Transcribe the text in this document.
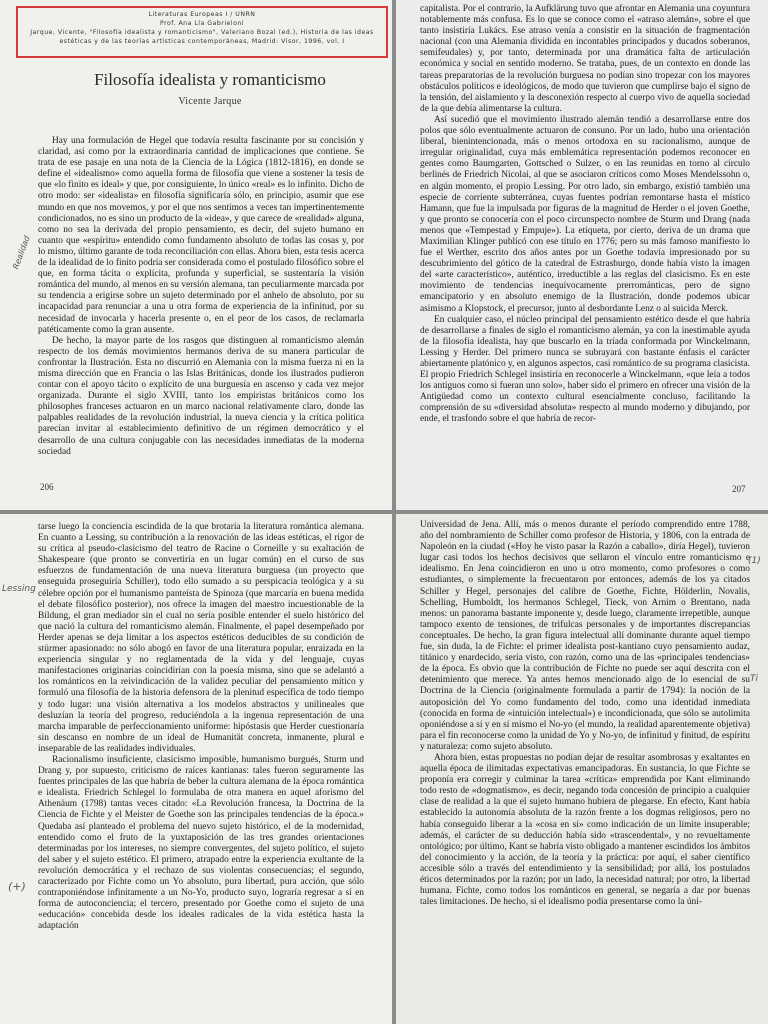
Literaturas Europeas I / UNRN
Prof. Ana Lía Gabrieloni
Jarque, Vicente, "Filosofía idealista y romanticismo", Valeriano Bozal (ed.), Historia de las ideas
estéticas y de las teorías artísticas contemporáneas, Madrid: Visor, 1996, vol. I
Filosofía idealista y romanticismo
Vicente Jarque

Hay una formulación de Hegel que todavía resulta fascinante por su concisión y claridad, así como por la extraordinaria cantidad de implicaciones que contiene. Se trata de ese pasaje en una nota de la Ciencia de la Lógica (1812-1816), en donde se define el «idealismo» como aquella forma de filosofía que viene a sostener la tesis de que «lo finito es ideal» y que, por consiguiente, lo único «real» es lo infinito. Dicho de otro modo: ser «idealista» en filosofía significaría sólo, en principio, asumir que ese mundo en que nos movemos, y por el que nos sentimos a veces tan impertinentemente condicionados, no es sino un producto de la «idea», y que carece de «realidad» alguna, como no sea la derivada del propio pensamiento, es decir, del sujeto humano en cuanto que «espíritu» entendido como fundamento absoluto de todas las cosas y, por lo mismo, último garante de toda reconciliación con ellas. Ahora bien, esta tesis acerca de la idealidad de lo finito podría ser considerada como el postulado filosófico sobre el que, en forma tácita o explícita, profunda y superficial, se sustentaría la visión romántica del mundo, al menos en su versión alemana, tan peculiarmente marcada por su tendencia a erigirse sobre un sujeto determinado por el anhelo de absoluto, por su incapacidad para renunciar a una u otra forma de experiencia de la infinitud, por su necesidad de invocarla y hacerla presente o, en el peor de los casos, de reclamarla patéticamente como la gran ausente.

De hecho, la mayor parte de los rasgos que distinguen al romanticismo alemán respecto de los demás movimientos hermanos deriva de su manera particular de confrontar la Ilustración. Esta no discurrió en Alemania con la misma fuerza ni en la misma dirección que en Francia o las Islas Británicas, donde los ilustrados pudieron contar con el apoyo tácito o explícito de una burguesía en ascenso y cada vez mejor organizada. Durante el siglo XVIII, tanto los empiristas británicos como los philosophes franceses actuaron en un marco nacional relativamente claro, donde las palpables realidades de la revolución industrial, la nueva ciencia y la crítica política parecían invitar al establecimiento definitivo de un régimen democrático y el desarrollo de una cultura conjugable con las necesidades inmediatas de la moderna sociedad

Realidad
206

capitalista. Por el contrario, la Aufklärung tuvo que afrontar en Alemania una coyuntura notablemente más confusa. Es lo que se conoce como el «atraso alemán», sobre el que tanto insistiría Lukács. Ese atraso venía a consistir en la situación de fragmentación nacional (con una Alemania dividida en incontables principados y ducados soberanos, semifeudales) y, por tanto, determinada por una dramática falta de articulación económica y social en sentido moderno. Se trataba, pues, de un contexto en donde las tareas preparatorias de la revolución burguesa no podían sino tropezar con los mayores obstáculos políticos e ideológicos, de modo que tuvieron que cumplirse bajo el signo de la tensión, del aislamiento y la desconexión respecto al cuerpo vivo de aquella sociedad de la que debía alimentarse la cultura.

Así sucedió que el movimiento ilustrado alemán tendió a desarrollarse entre dos polos que sólo eventualmente actuaron de consuno. Por un lado, hubo una orientación liberal, bienintencionada, más o menos ortodoxa en su racionalismo, aunque de irregular originalidad, cuya más emblemática representación podemos reconocer en gentes como Baumgarten, Gottsched o Sulzer, o en las reunidas en torno al círculo berlinés de Friedrich Nicolai, al que se asociaron críticos como Moses Mendelssohn o, en algún momento, el propio Lessing. Por otro lado, sin embargo, existió también una especie de corriente subterránea, cuyas fuentes podrían remontarse hasta el místico Hamann, que fue la impulsada por figuras de la magnitud de Herder o el joven Goethe, y que pronto se conocería con el poco circunspecto nombre de Sturm und Drang (nada menos que «Tempestad y Empuje»). La etiqueta, por cierto, deriva de un drama que Maximilian Klinger publicó con ese título en 1776; pero su más famoso manifiesto lo fue el Werther, escrito dos años antes por un Goethe todavía impresionado por su descubrimiento del gótico de la catedral de Estrasburgo, donde había visto la imagen del «arte característico», auténtico, irreductible a las reglas del clasicismo. Es en este movimiento de tendencias inequívocamente prerrománticas, pero de signo emancipatorio y en absoluto enemigo de la Ilustración, donde podemos ubicar asimismo a Klopstock, el precursor, junto al desbordante Lenz o al suicida Merck.

En cualquier caso, el núcleo principal del pensamiento estético desde el que habría de desarrollarse a finales de siglo el romanticismo alemán, ya con la inestimable ayuda de la filosofía idealista, hay que buscarlo en la tríada conformada por Winckelmann, Lessing y Herder. Del primero nunca se subrayará con bastante énfasis el carácter abiertamente platónico y, en algunos aspectos, casi romántico de su programa clasicista. El propio Friedrich Schlegel insistiría en reconocerle a Winckelmann, «que leía a todos los antiguos como si fueran uno solo», haber sido el primero en ofrecer una visión de la Antigüedad como un contexto cultural esencialmente concluso, facilitando la comprensión de su «diversidad absoluta» respecto al mundo moderno y dibujando, por ende, el trasfondo sobre el que habría de recor-

207

tarse luego la conciencia escindida de la que brotaría la literatura romántica alemana. En cuanto a Lessing, su contribución a la renovación de las ideas estéticas, el rigor de su crítica al pseudo-clasicismo del teatro de Racine o Corneille y su exaltación de Shakespeare (que pronto se convertiría en un lugar común) en el curso de sus esfuerzos de fundamentación de una nueva literatura burguesa (un proyecto que enseguida proseguiría Schiller), todo ello sumado a su perspicacia teológica y a su célebre opción por el humanismo panteísta de Spinoza (que marcaría en buena medida el debate filosófico posterior), nos ofrece la imagen del maestro incuestionable de la Bildung, el gran mediador sin el cual no sería posible entender el suelo histórico del que nació la cultura del romanticismo alemán. Finalmente, el papel desempeñado por Herder apenas se deja limitar a los aspectos estéticos deducibles de su condición de stürmer apasionado: no sólo abogó en favor de una literatura popular, enraizada en la experiencia singular y no reglamentada de la vida y del lenguaje, cuyas manifestaciones originarias coincidirían con la poesía misma, sino que se adelantó a los románticos en la reivindicación de la validez peculiar del pensamiento mítico y formuló una filosofía de la historia defensora de la plenitud específica de todo tiempo y todo lugar: una visión alternativa a los modelos abstractos y unilineales que desluzían la teoría del progreso, reduciéndola a la ingenua representación de una marcha imparable de perfeccionamiento uniforme: hipóstasis que Herder cuestionaría sin descanso en nombre de un ideal de Humanität concreta, inmanente, plural e inseparable de las realidades individuales.

Racionalismo insuficiente, clasicismo imposible, humanismo burgués, Sturm und Drang y, por supuesto, criticismo de raíces kantianas: tales fueron seguramente las fuentes principales de las que habría de beber la cultura alemana de la época romántica e idealista. Friedrich Schlegel lo formulaba de otra manera en aquel aforismo del Athenäum (1798) tantas veces citado: «La Revolución francesa, la Doctrina de la Ciencia de Fichte y el Meister de Goethe son las principales tendencias de la época.» Quedaba así planteado el problema del nuevo sujeto histórico, el de la modernidad, entendido como el fruto de la yuxtaposición de las tres grandes orientaciones determinadas por los intereses, no siempre convergentes, del sujeto político, el sujeto del saber y el sujeto estético. El primero, atrapado entre la experiencia exultante de la revolución democrática y el rechazo de sus violentas consecuencias; el segundo, caracterizado por Fichte como un Yo absoluto, pura libertad, pura acción, que sólo contraponiéndose infinitamente a un No-Yo, producto suyo, lograría regresar a sí en forma de autoconciencia; el tercero, presentado por Goethe como el sujeto de una «educación» concebida desde los ideales radicales de la vida estética hasta la adaptación

Lessing
(+)

Universidad de Jena. Allí, más o menos durante el período comprendido entre 1788, año del nombramiento de Schiller como profesor de Historia, y 1806, con la entrada de Napoleón en la ciudad («Hoy he visto pasar la Razón a caballo», diría Hegel), tuvieron lugar casi todos los hechos decisivos que sellaron el vínculo entre romanticismo e idealismo. En Jena coincidieron en uno u otro momento, como profesores o como estudiantes, o simplemente la frecuentaron por entonces, además de los ya citados Schiller y Hegel, personajes del calibre de Goethe, Fichte, Hölderlin, Novalis, Schelling, Humboldt, los hermanos Schlegel, Tieck, von Arnim o Brentano, nada menos: un panorama bastante imponente y, desde luego, claramente irrepetible, aunque tampoco exento de tensiones, de trifulcas personales y de importantes discrepancias conceptuales. De hecho, la gran figura intelectual allí dominante durante aquel tiempo fue, sin duda, la de Fichte: el primer idealista post-kantiano cuyo pensamiento audaz, titánico y enardecido, sería visto, con razón, como una de las «principales tendencias» de la época. Es obvio que la contribución de Fichte no puede ser aquí descrita con el detenimiento que merece. Ya antes hemos mencionado algo de lo esencial de su Doctrina de la Ciencia (originalmente formulada a partir de 1794): la noción de la autoposición del Yo como fundamento del todo, como una identidad inmediata (conocida en forma de «intuición intelectual») e incondicionada, que sólo se autolimita oponiéndose a sí y en sí mismo el No-yo (el mundo, la realidad aparentemente objetiva) para el fin reconocerse como la unidad de Yo y No-yo, de infinitud y finitud, de espíritu y naturaleza: como sujeto absoluto.

Ahora bien, estas propuestas no podían dejar de resultar asombrosas y exaltantes en aquella época de ilimitadas expectativas emancipadoras. En sustancia, lo que Fichte se proponía era corregir y culminar la tarea «crítica» emprendida por Kant eliminando todo resto de «dogmatismo», es decir, negando toda concesión de principio a cualquier clase de realidad a la que el sujeto humano hubiera de plegarse. En efecto, Kant había establecido la autonomía absoluta de la razón frente a los dogmas religiosos, pero no había conseguido liberar a la «cosa en sí» como indicación de un límite insuperable; además, el carácter de su deducción había sido «trascendental», y no revueltamente ontológico; por último, Kant se habría visto obligado a mantener escindidos los ámbitos del conocimiento y la acción, de la teoría y la práctica: por aquí, el saber científico accesible sólo a través del entendimiento y la sensibilidad; por allá, los postulados éticos determinados por la razón; por un lado, la necesidad natural; por otro, la libertad humana. Fichte, como todos los románticos en general, se negaría a dar por buenas tales limitaciones. De hecho, si el idealismo podía presentarse como la úni-

(1)
Ti
